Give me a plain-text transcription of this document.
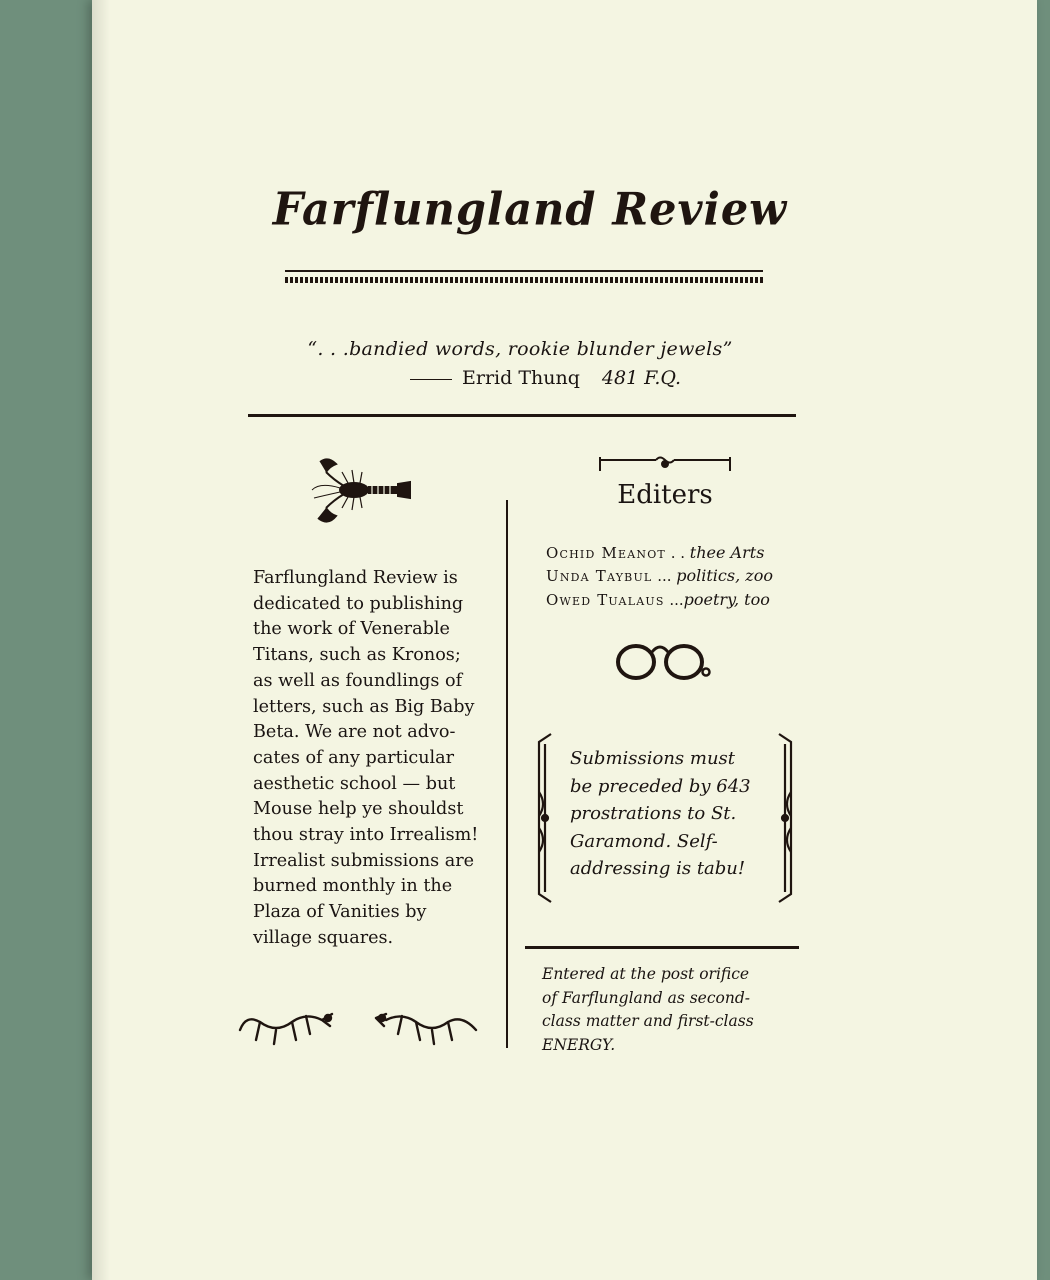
Farflungland Review
“. . .bandied words, rookie blunder jewels”
Errid Thunq 481 F.Q.

Farflungland Review is

dedicated to publishing

the work of Venerable

Titans, such as Kronos;

as well as foundlings of

letters, such as Big Baby

Beta. We are not advo-

cates of any particular

aesthetic school — but

Mouse help ye shouldst

thou stray into Irrealism!

Irrealist submissions are

burned monthly in the

Plaza of Vanities by

village squares.

Editers
Ochid Meanot . . thee Arts
Unda Taybul ... politics, zoo
Owed Tualaus ...poetry, too
Submissions must
be preceded by 643
prostrations to St.
Garamond. Self-
addressing is tabu!
Entered at the post orifice
of Farflungland as second-
class matter and first-class
ENERGY.
